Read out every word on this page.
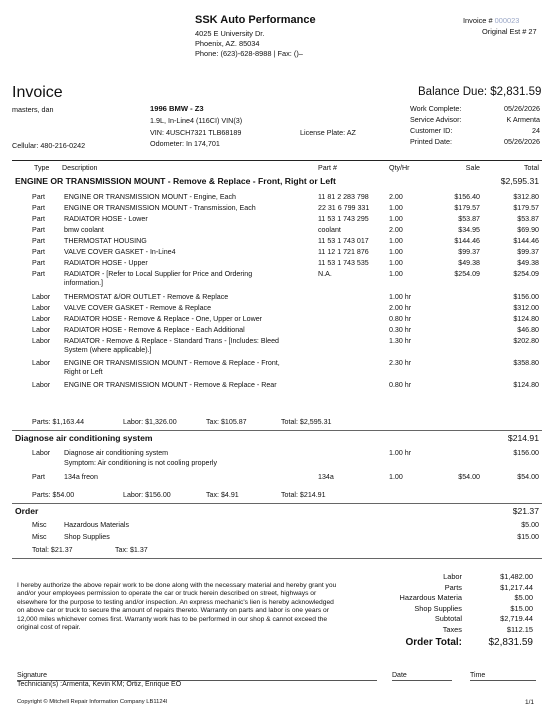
SSK Auto Performance
4025 E University Dr.
Phoenix, AZ. 85034
Phone: (623)-628-8988 | Fax: ()–
Invoice # 000023
Original Est # 27
Invoice	Balance Due: $2,831.59
masters, dan
Cellular: 480-216-0242
1996 BMW - Z3
1.9L, In-Line4 (116CI) VIN(3)
VIN: 4USCH7321 TLB68189
Odometer: In 174,701
License Plate: AZ
Work Complete:	05/26/2026
Service Advisor:	K Armenta
Customer ID:	24
Printed Date:	05/26/2026
Type Description	Part #	Qty/Hr	Sale	Total
ENGINE OR TRANSMISSION MOUNT - Remove & Replace - Front, Right or Left	$2,595.31
Part	ENGINE OR TRANSMISSION MOUNT - Engine, Each	11 81 2 283 798	2.00	$156.40	$312.80
Part	ENGINE OR TRANSMISSION MOUNT - Transmission, Each	22 31 6 799 331	1.00	$179.57	$179.57
Part	RADIATOR HOSE - Lower	11 53 1 743 295	1.00	$53.87	$53.87
Part	bmw coolant	coolant	2.00	$34.95	$69.90
Part	THERMOSTAT HOUSING	11 53 1 743 017	1.00	$144.46	$144.46
Part	VALVE COVER GASKET - In-Line4	11 12 1 721 876	1.00	$99.37	$99.37
Part	RADIATOR HOSE - Upper	11 53 1 743 535	1.00	$49.38	$49.38
Part	RADIATOR - [Refer to Local Supplier for Price and Ordering	N.A.	1.00	$254.09	$254.09
information.]
Labor THERMOSTAT &/OR OUTLET - Remove & Replace	1.00 hr	$156.00
Labor VALVE COVER GASKET - Remove & Replace	2.00 hr	$312.00
Labor RADIATOR HOSE - Remove & Replace - One, Upper or Lower	0.80 hr	$124.80
Labor RADIATOR HOSE - Remove & Replace - Each Additional	0.30 hr	$46.80
Labor RADIATOR - Remove & Replace - Standard Trans - [Includes: Bleed	1.30 hr	$202.80
System (where applicable).]
Labor ENGINE OR TRANSMISSION MOUNT - Remove & Replace - Front,	2.30 hr	$358.80
Right or Left
Labor ENGINE OR TRANSMISSION MOUNT - Remove & Replace - Rear	0.80 hr	$124.80
Parts: $1,163.44	Labor: $1,326.00	Tax: $105.87	Total: $2,595.31
Diagnose air conditioning system	$214.91
Labor Diagnose air conditioning system	1.00 hr	$156.00
Symptom: Air conditioning is not cooling properly
Part	134a freon	134a	1.00	$54.00	$54.00
Parts: $54.00	Labor: $156.00	Tax: $4.91	Total: $214.91
Order	$21.37
Misc Hazardous Materials	$5.00
Misc Shop Supplies	$15.00
Total: $21.37	Tax: $1.37
I hereby authorize the above repair work to be done along with the necessary material and hereby grant you
and/or your employees permission to operate the car or truck herein described on street, highways or
elsewhere for the purpose to testing and/or inspection. An express mechanic's lien is hereby acknowledged
on above car or truck to secure the amount of repairs thereto. Warranty on parts and labor is one years or
12,000 miles whichever comes first. Warranty work has to be performed in our shop & cannot exceed the
original cost of repair.
Labor	$1,482.00
Parts	$1,217.44
Hazardous Materia	$5.00
Shop Supplies	$15.00
Subtotal	$2,719.44
Taxes	$112.15
Order Total:	$2,831.59
Signature
Technician(s) :Armenta, Kevin KM; Ortiz, Enrique EO
Date	Time
Copyright © Mitchell Repair Information Company LB1124l	1/1
